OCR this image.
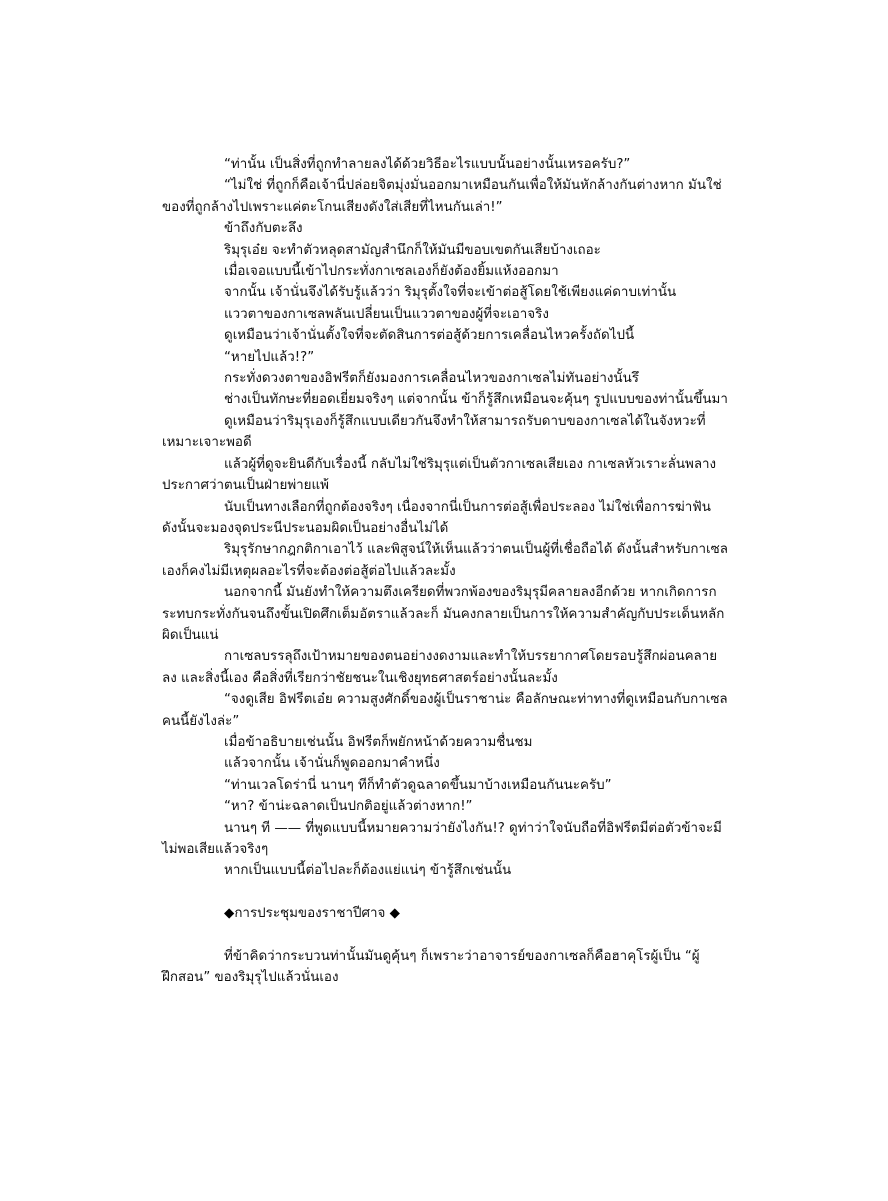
“ท่านั้น เป็นสิ่งที่ถูกทำลายลงได้ด้วยวิธีอะไรแบบนั้นอย่างนั้นเหรอครับ?”

“ไม่ใช่ ที่ถูกก็คือเจ้านี่ปล่อยจิตมุ่งมั่นออกมาเหมือนกันเพื่อให้มันหักล้างกันต่างหาก มันใช่ของที่ถูกล้างไปเพราะแค่ตะโกนเสียงดังใส่เสียที่ไหนกันเล่า!”

ข้าถึงกับตะลึง

ริมุรุเอ๋ย จะทำตัวหลุดสามัญสำนึกก็ให้มันมีขอบเขตกันเสียบ้างเถอะ

เมื่อเจอแบบนี้เข้าไปกระทั่งกาเซลเองก็ยังต้องยิ้มแห้งออกมา

จากนั้น เจ้านั่นจึงได้รับรู้แล้วว่า ริมุรุตั้งใจที่จะเข้าต่อสู้โดยใช้เพียงแค่ดาบเท่านั้น

แววตาของกาเซลพลันเปลี่ยนเป็นแววตาของผู้ที่จะเอาจริง

ดูเหมือนว่าเจ้านั่นตั้งใจที่จะตัดสินการต่อสู้ด้วยการเคลื่อนไหวครั้งถัดไปนี้

“หายไปแล้ว!?”

กระทั่งดวงตาของอิฟรีตก็ยังมองการเคลื่อนไหวของกาเซลไม่ทันอย่างนั้นรึ

ช่างเป็นทักษะที่ยอดเยี่ยมจริงๆ แต่จากนั้น ข้าก็รู้สึกเหมือนจะคุ้นๆ รูปแบบของท่านั้นขึ้นมา

ดูเหมือนว่าริมุรุเองก็รู้สึกแบบเดียวกันจึงทำให้สามารถรับดาบของกาเซลได้ในจังหวะที่เหมาะเจาะพอดี

แล้วผู้ที่ดูจะยินดีกับเรื่องนี้ กลับไม่ใช่ริมุรุแต่เป็นตัวกาเซลเสียเอง กาเซลหัวเราะลั่นพลางประกาศว่าตนเป็นฝ่ายพ่ายแพ้

นับเป็นทางเลือกที่ถูกต้องจริงๆ เนื่องจากนี่เป็นการต่อสู้เพื่อประลอง ไม่ใช่เพื่อการฆ่าฟัน ดังนั้นจะมองจุดประนีประนอมผิดเป็นอย่างอื่นไม่ได้

ริมุรุรักษากฎกติกาเอาไว้ และพิสูจน์ให้เห็นแล้วว่าตนเป็นผู้ที่เชื่อถือได้ ดังนั้นสำหรับกาเซลเองก็คงไม่มีเหตุผลอะไรที่จะต้องต่อสู้ต่อไปแล้วละมั้ง

นอกจากนี้ มันยังทำให้ความตึงเครียดที่พวกพ้องของริมุรุมีคลายลงอีกด้วย หากเกิดการกระทบกระทั่งกันจนถึงขั้นเปิดศึกเต็มอัตราแล้วละก็ มันคงกลายเป็นการให้ความสำคัญกับประเด็นหลักผิดเป็นแน่

กาเซลบรรลุถึงเป้าหมายของตนอย่างงดงามและทำให้บรรยากาศโดยรอบรู้สึกผ่อนคลายลง และสิ่งนี้เอง คือสิ่งที่เรียกว่าชัยชนะในเชิงยุทธศาสตร์อย่างนั้นละมั้ง

“จงดูเสีย อิฟรีตเอ๋ย ความสูงศักดิ์ของผู้เป็นราชาน่ะ คือลักษณะท่าทางที่ดูเหมือนกับกาเซลคนนี้ยังไงล่ะ”

เมื่อข้าอธิบายเช่นนั้น อิฟรีตก็พยักหน้าด้วยความชื่นชม

แล้วจากนั้น เจ้านั่นก็พูดออกมาคำหนึ่ง

“ท่านเวลโดร่านี่ นานๆ ทีก็ทำตัวดูฉลาดขึ้นมาบ้างเหมือนกันนะครับ”

“หา? ข้าน่ะฉลาดเป็นปกติอยู่แล้วต่างหาก!”

นานๆ ที —— ที่พูดแบบนี้หมายความว่ายังไงกัน!? ดูท่าว่าใจนับถือที่อิฟรีตมีต่อตัวข้าจะมีไม่พอเสียแล้วจริงๆ

หากเป็นแบบนี้ต่อไปละก็ต้องแย่แน่ๆ ข้ารู้สึกเช่นนั้น

◆การประชุมของราชาปีศาจ ◆

ที่ข้าคิดว่ากระบวนท่านั้นมันดูคุ้นๆ ก็เพราะว่าอาจารย์ของกาเซลก็คือฮาคุโรผู้เป็น “ผู้ฝึกสอน” ของริมุรุไปแล้วนั่นเอง
